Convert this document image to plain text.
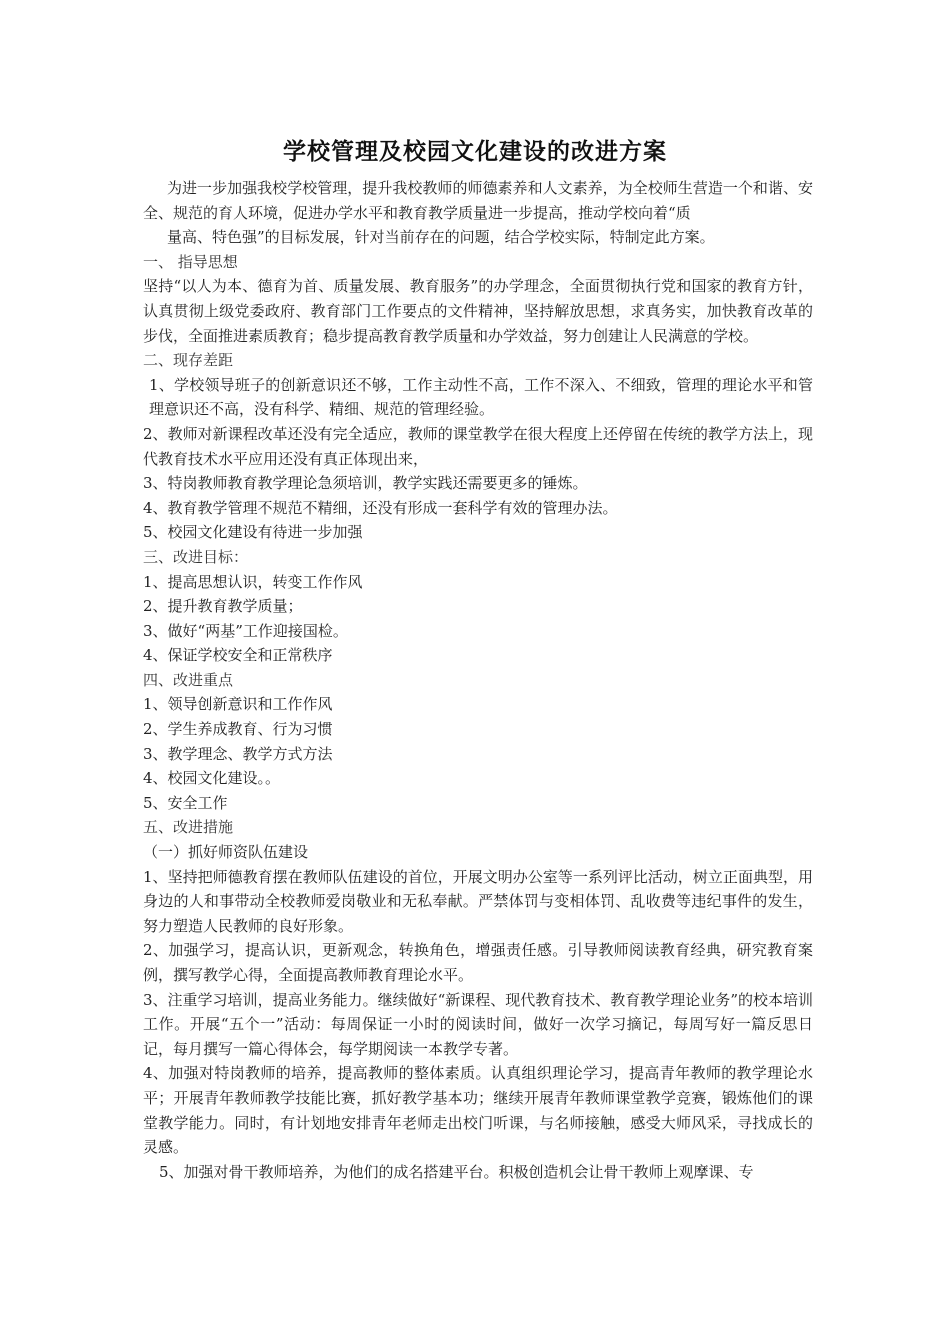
学校管理及校园文化建设的改进方案

为进一步加强我校学校管理，提升我校教师的师德素养和人文素养，为全校师生营造一个和谐、安全、规范的育人环境，促进办学水平和教育教学质量进一步提高，推动学校向着“质

量高、特色强”的目标发展，针对当前存在的问题，结合学校实际，特制定此方案。

一、 指导思想

坚持“以人为本、德育为首、质量发展、教育服务”的办学理念，全面贯彻执行党和国家的教育方针，认真贯彻上级党委政府、教育部门工作要点的文件精神，坚持解放思想，求真务实，加快教育改革的步伐，全面推进素质教育；稳步提高教育教学质量和办学效益，努力创建让人民满意的学校。

二、现存差距

1、学校领导班子的创新意识还不够，工作主动性不高，工作不深入、不细致，管理的理论水平和管理意识还不高，没有科学、精细、规范的管理经验。

2、教师对新课程改革还没有完全适应，教师的课堂教学在很大程度上还停留在传统的教学方法上，现代教育技术水平应用还没有真正体现出来，

3、特岗教师教育教学理论急须培训，教学实践还需要更多的锤炼。

4、教育教学管理不规范不精细，还没有形成一套科学有效的管理办法。

5、校园文化建设有待进一步加强

三、改进目标：

1、提高思想认识，转变工作作风

2、提升教育教学质量；

3、做好“两基”工作迎接国检。

4、保证学校安全和正常秩序

四、改进重点

1、领导创新意识和工作作风

2、学生养成教育、行为习惯

3、教学理念、教学方式方法

4、校园文化建设。。

5、安全工作

五、改进措施

（一）抓好师资队伍建设

1、坚持把师德教育摆在教师队伍建设的首位，开展文明办公室等一系列评比活动，树立正面典型，用身边的人和事带动全校教师爱岗敬业和无私奉献。严禁体罚与变相体罚、乱收费等违纪事件的发生，努力塑造人民教师的良好形象。

2、加强学习，提高认识，更新观念，转换角色，增强责任感。引导教师阅读教育经典，研究教育案例，撰写教学心得，全面提高教师教育理论水平。

3、注重学习培训，提高业务能力。继续做好“新课程、现代教育技术、教育教学理论业务”的校本培训工作。开展“五个一”活动：每周保证一小时的阅读时间，做好一次学习摘记，每周写好一篇反思日记，每月撰写一篇心得体会，每学期阅读一本教学专著。

4、加强对特岗教师的培养，提高教师的整体素质。认真组织理论学习，提高青年教师的教学理论水平；开展青年教师教学技能比赛，抓好教学基本功；继续开展青年教师课堂教学竞赛，锻炼他们的课堂教学能力。同时，有计划地安排青年老师走出校门听课，与名师接触，感受大师风采，寻找成长的灵感。

5、加强对骨干教师培养，为他们的成名搭建平台。积极创造机会让骨干教师上观摩课、专
